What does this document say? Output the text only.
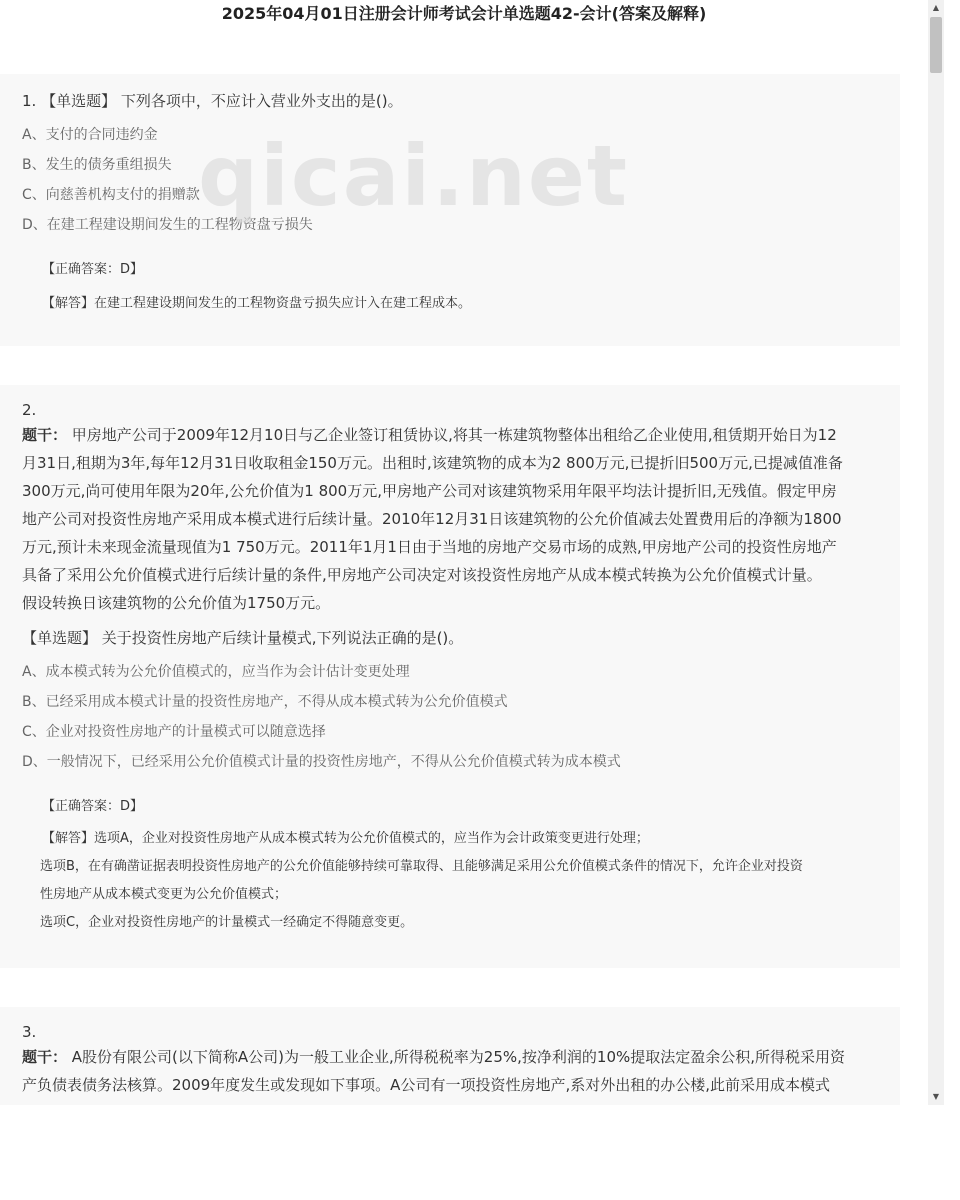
2025年04月01日注册会计师考试会计单选题42-会计(答案及解释)
1. 【单选题】 下列各项中，不应计入营业外支出的是()。
A、支付的合同违约金
B、发生的债务重组损失
C、向慈善机构支付的捐赠款
D、在建工程建设期间发生的工程物资盘亏损失
【正确答案：D】
【解答】在建工程建设期间发生的工程物资盘亏损失应计入在建工程成本。
2.
题干： 甲房地产公司于2009年12月10日与乙企业签订租赁协议,将其一栋建筑物整体出租给乙企业使用,租赁期开始日为12
月31日,租期为3年,每年12月31日收取租金150万元。出租时,该建筑物的成本为2 800万元,已提折旧500万元,已提减值准备
300万元,尚可使用年限为20年,公允价值为1 800万元,甲房地产公司对该建筑物采用年限平均法计提折旧,无残值。假定甲房
地产公司对投资性房地产采用成本模式进行后续计量。2010年12月31日该建筑物的公允价值减去处置费用后的净额为1800
万元,预计未来现金流量现值为1 750万元。2011年1月1日由于当地的房地产交易市场的成熟,甲房地产公司的投资性房地产
具备了采用公允价值模式进行后续计量的条件,甲房地产公司决定对该投资性房地产从成本模式转换为公允价值模式计量。
假设转换日该建筑物的公允价值为1750万元。
【单选题】 关于投资性房地产后续计量模式,下列说法正确的是()。
A、成本模式转为公允价值模式的，应当作为会计估计变更处理
B、已经采用成本模式计量的投资性房地产，不得从成本模式转为公允价值模式
C、企业对投资性房地产的计量模式可以随意选择
D、一般情况下，已经采用公允价值模式计量的投资性房地产，不得从公允价值模式转为成本模式
【正确答案：D】
【解答】选项A，企业对投资性房地产从成本模式转为公允价值模式的，应当作为会计政策变更进行处理；
选项B，在有确凿证据表明投资性房地产的公允价值能够持续可靠取得、且能够满足采用公允价值模式条件的情况下，允许企业对投资
性房地产从成本模式变更为公允价值模式；
选项C，企业对投资性房地产的计量模式一经确定不得随意变更。
3.
题干： A股份有限公司(以下简称A公司)为一般工业企业,所得税税率为25%,按净利润的10%提取法定盈余公积,所得税采用资
产负债表债务法核算。2009年度发生或发现如下事项。A公司有一项投资性房地产,系对外出租的办公楼,此前采用成本模式
qicai.net
▲
▼
